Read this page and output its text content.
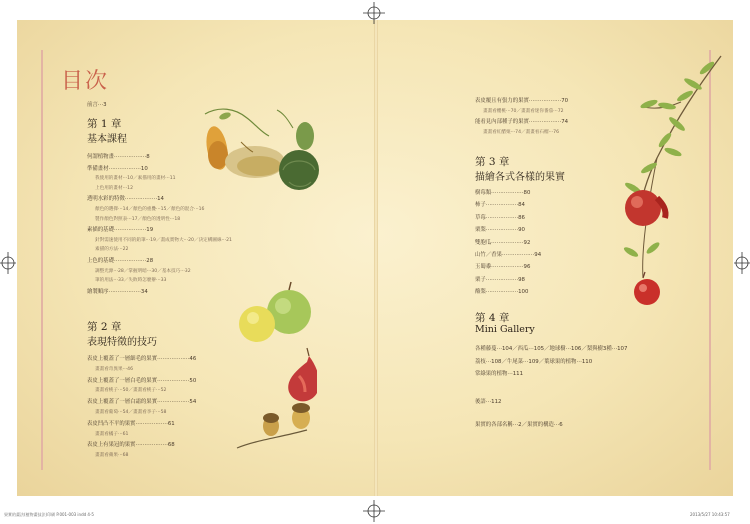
目次
前言⋯3
第 1 章
基本課程
何謂植物畫⋯⋯⋯⋯⋯⋯8
準備畫材⋯⋯⋯⋯⋯⋯10
我使用的畫材⋯10／素描用的畫材⋯11
上色用的畫材⋯12
透明水彩的特徵⋯⋯⋯⋯⋯⋯14
顏色的選擇⋯14／顏色的重疊⋯15／顏色的混合⋯16
製作顏色對照表⋯17／顏色的透明性⋯18
素描的基礎⋯⋯⋯⋯⋯⋯19
針對需速使用不同的鉛筆⋯19／畫成實物大⋯20／決定構圖線⋯21
素描的方法⋯22
上色的基礎⋯⋯⋯⋯⋯⋯28
調整光源⋯28／掌握明暗⋯30／基本技巧⋯32
筆的用法⋯33／失敗時怎麼辦⋯33
繪製順序⋯⋯⋯⋯⋯⋯34
第 2 章
表現特徵的技巧
表皮上覆蓋了一層細毛的果實⋯⋯⋯⋯⋯⋯46
畫畫看奇異果⋯46
表皮上覆蓋了一層白毛的果實⋯⋯⋯⋯⋯⋯50
畫畫看桃子⋯50／畫畫看桃子⋯52
表皮上覆蓋了一層白霜的果實⋯⋯⋯⋯⋯⋯54
畫畫看葡萄⋯54／畫畫看李子⋯58
表皮凹凸不平的果實⋯⋯⋯⋯⋯⋯61
畫畫看橘子⋯61
表皮上有果冠的果實⋯⋯⋯⋯⋯⋯68
畫畫看蘋果⋯68
表皮覆且有張力的果實⋯⋯⋯⋯⋯⋯70
畫畫看櫻桃⋯70／畫畫看迷你番茄⋯72
能看見內部種子的果實⋯⋯⋯⋯⋯⋯74
畫畫看紅醋栗⋯74／畫畫看石榴⋯76
第 3 章
描繪各式各樣的果實
樹莓類⋯⋯⋯⋯⋯⋯80
柿子⋯⋯⋯⋯⋯⋯84
草莓⋯⋯⋯⋯⋯⋯86
栗梨⋯⋯⋯⋯⋯⋯90
雙胞瓜⋯⋯⋯⋯⋯⋯92
山竹／香果⋯⋯⋯⋯⋯⋯94
玉蜀黍⋯⋯⋯⋯⋯⋯96
栗子⋯⋯⋯⋯⋯⋯98
酪梨⋯⋯⋯⋯⋯⋯100
第 4 章
Mini Gallery
各種藤蔓⋯104／西瓜⋯105／地球樹⋯106／梨與樹3種⋯107
荔枝⋯108／牛尾菜⋯109／葉球果的植物⋯110
常綠果的植物⋯111
後語⋯112
果實的各部名稱⋯2／果實的構造⋯6
果實的畫法(植物畫技法)印刷 P.001-003 indd 4-5	2013/5/27 10:43:57
